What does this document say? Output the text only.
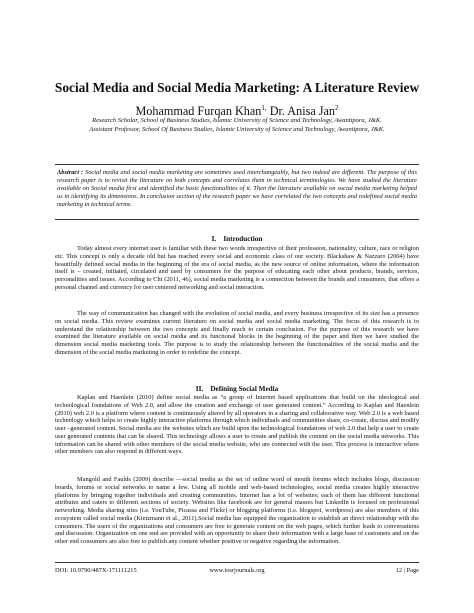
Social Media and Social Media Marketing: A Literature Review
Mohammad Furqan Khan$^{1,}$ Dr. Anisa Jan$^2$
Research Scholar, School of Business Studies, Islamic University of Science and Technology, Awantipora, J&K.
Assistant Professor, School Of Business Studies, Islamic University of Science and Technology, Awantipora, J&K.
Abstract : Social media and social media marketing are sometimes used interchangeably, but two indeed are different. The purpose of this research paper is to revisit the literature on both concepts and correlates them in technical terminologies. We have studied the literature available on Social media first and identified the basic functionalities of it. Then the literature available on social media marketing helped us in identifying its dimensions. In conclusion section of the research paper we have correlated the two concepts and redefined social media marketing in technical terms.
I. Introduction
Today almost every internet user is familiar with these two words irrespective of their profession, nationality, culture, race or religion etc. This concept is only a decade old but has reached every social and economic class of our society. Blackshaw & Nazzaro (2004) have beautifully defined social media in the beginning of the era of social media, as the new source of online information, where the information itself is – created, initiated, circulated and used by consumers for the purpose of educating each other about products, brands, services, personalities and issues. According to Chi (2011, 46), social media marketing is a connection between the brands and consumers, that offers a personal channel and currency for user centered networking and social interaction.
The way of communication has changed with the evolution of social media, and every business irrespective of its size has a presence on social media. This review examines current literature on social media and social media marketing. The focus of this research is to understand the relationship between the two concepts and finally reach to certain conclusion. For the purpose of this research we have examined the literature available on social media and its functional blocks in the beginning of the paper and then we have studied the dimension social media marketing tools. The purpose is to study the relationship between the functionalities of the social media and the dimension of the social media marketing in order to redefine the concept.
II. Defining Social Media
Kaplan and Haenlein (2010) define social media as “a group of Internet based applications that build on the ideological and technological foundations of Web 2.0, and allow the creation and exchange of user generated content.” According to Kaplan and Haenlein (2010) web 2.0 is a platform where content is continuously altered by all operators in a sharing and collaborative way. Web 2.0 is a web based technology which helps to create highly interactive platforms through which individuals and communities share, co-create, discuss and modify user –generated content. Social media are the websites which are build upon the technological foundations of web 2.0 that help a user to create user generated contents that can be shared. This technology allows a user to create and publish the content on the social media networks. This information can be shared with other members of the social media website, who are connected with the user. This process is interactive where other members can also respond in different ways.
Mangold and Faulds (2009) describe —social media as the set of online word of mouth forums which includes blogs, discussion boards, forums or social networks to name a few. Using all mobile and web-based technologies, social media creates highly interactive platforms by bringing together individuals and creating communities. Internet has a lot of websites; each of them has different functional attributes and caters to different sections of society. Websites like facebook are for general masses but LinkedIn is focused on professional networking. Media sharing sites (i.e. YouTube, Picassa and Flickr) or blogging platforms (i.e. blogspot, wordpress) are also members of this ecosystem called social media (Kietzmann et al., 2011).Social media has equipped the organization to establish an direct relationship with the consumers. The users of the organizations and consumers are free to generate content on the web pages, which further leads to conversations and discussion. Organization on one end are provided with an opportunity to share their information with a large base of customers and on the other end consumers are also free to publish any content whether positive or negative regarding the information.
DOI: 10.9790/487X-171111215	www.iosrjournals.org	12 | Page
